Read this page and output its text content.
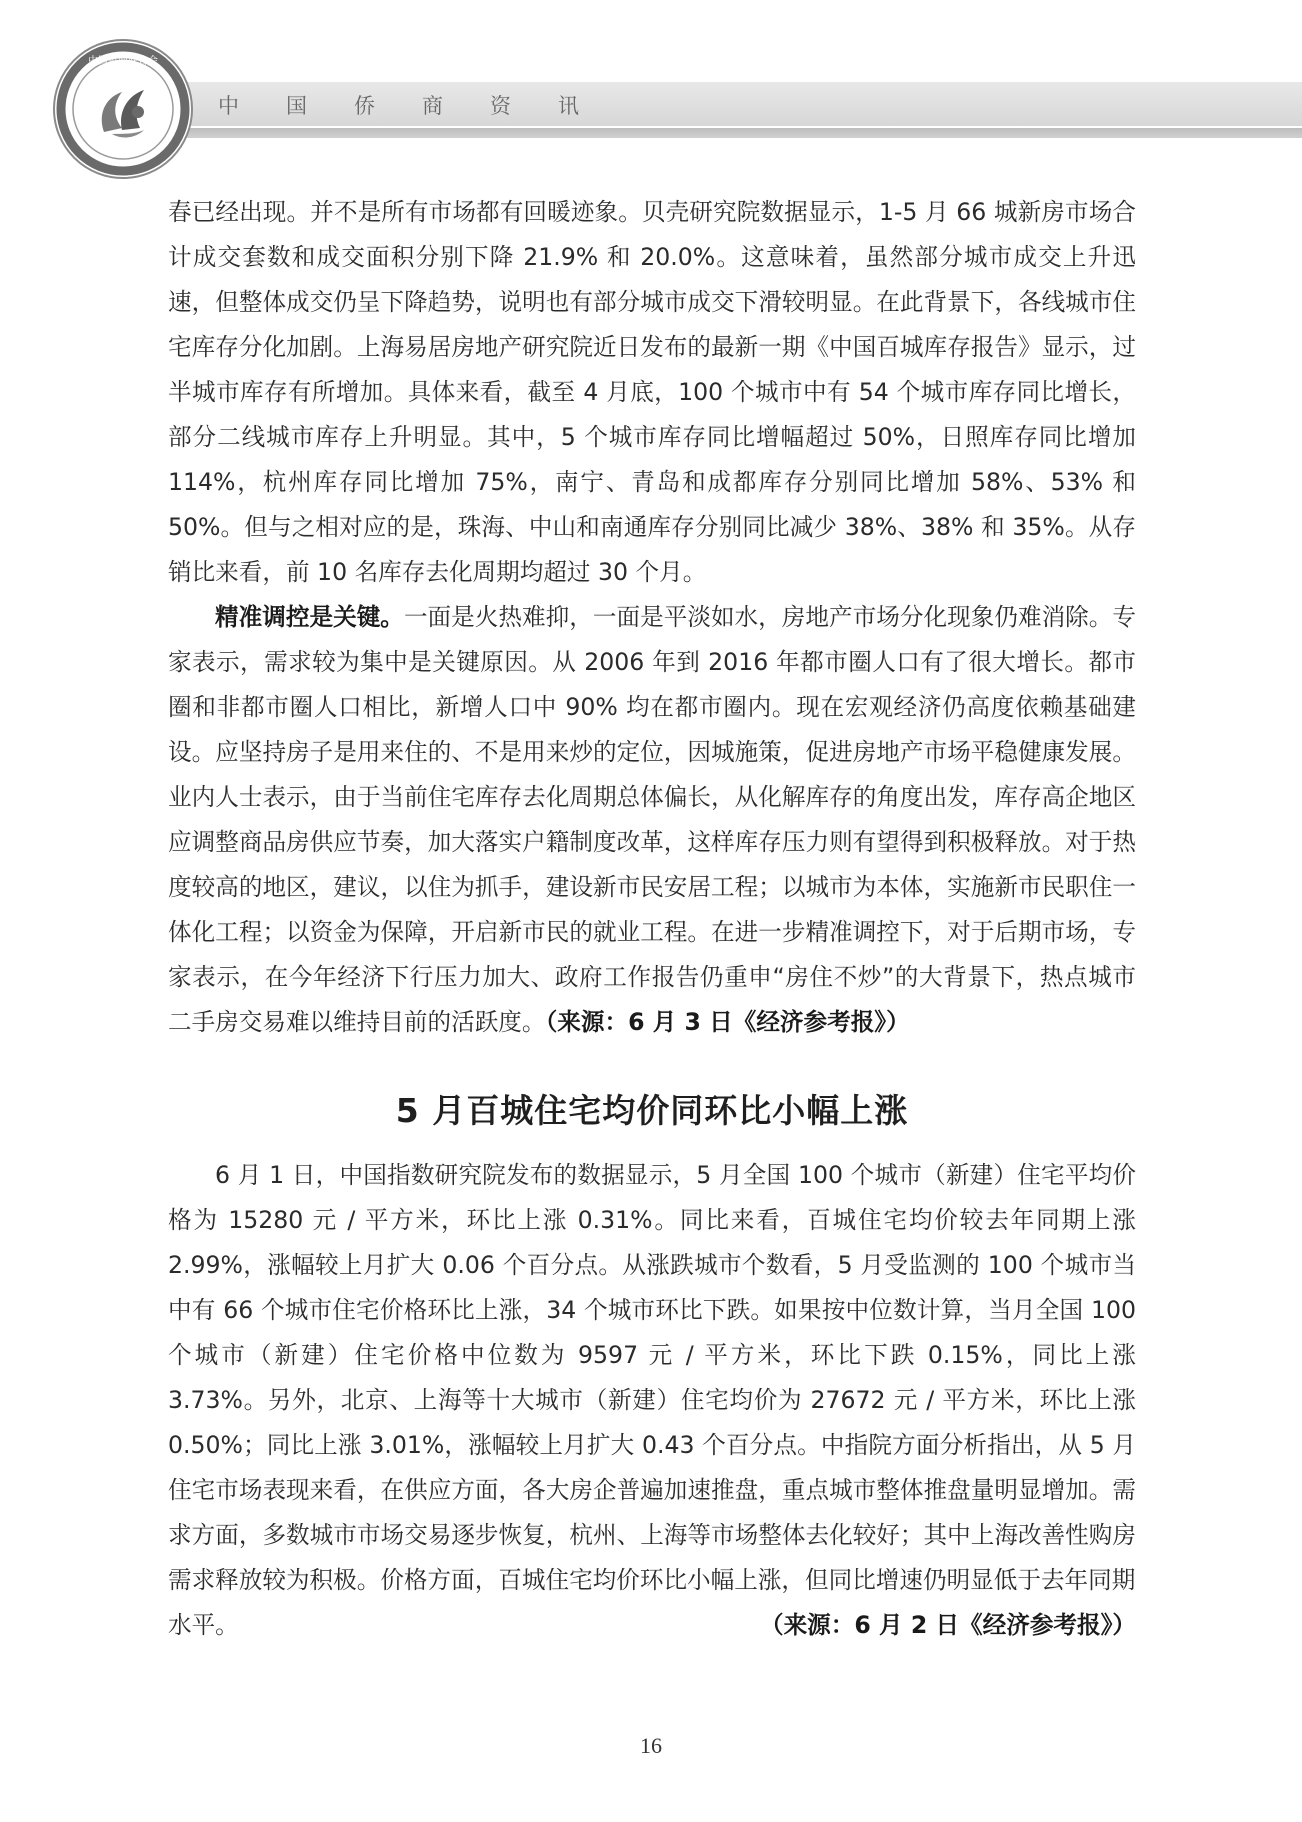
中 国 侨 商 资 讯
中国侨商联合会

春已经出现。并不是所有市场都有回暖迹象。贝壳研究院数据显示，1-5 月 66 城新房市场合计成交套数和成交面积分别下降 21.9% 和 20.0%。这意味着，虽然部分城市成交上升迅速，但整体成交仍呈下降趋势，说明也有部分城市成交下滑较明显。在此背景下，各线城市住宅库存分化加剧。上海易居房地产研究院近日发布的最新一期《中国百城库存报告》显示，过半城市库存有所增加。具体来看，截至 4 月底，100 个城市中有 54 个城市库存同比增长，部分二线城市库存上升明显。其中，5 个城市库存同比增幅超过 50%，日照库存同比增加 114%，杭州库存同比增加 75%，南宁、青岛和成都库存分别同比增加 58%、53% 和 50%。但与之相对应的是，珠海、中山和南通库存分别同比减少 38%、38% 和 35%。从存销比来看，前 10 名库存去化周期均超过 30 个月。

精准调控是关键。一面是火热难抑，一面是平淡如水，房地产市场分化现象仍难消除。专家表示，需求较为集中是关键原因。从 2006 年到 2016 年都市圈人口有了很大增长。都市圈和非都市圈人口相比，新增人口中 90% 均在都市圈内。现在宏观经济仍高度依赖基础建设。应坚持房子是用来住的、不是用来炒的定位，因城施策，促进房地产市场平稳健康发展。业内人士表示，由于当前住宅库存去化周期总体偏长，从化解库存的角度出发，库存高企地区应调整商品房供应节奏，加大落实户籍制度改革，这样库存压力则有望得到积极释放。对于热度较高的地区，建议，以住为抓手，建设新市民安居工程；以城市为本体，实施新市民职住一体化工程；以资金为保障，开启新市民的就业工程。在进一步精准调控下，对于后期市场，专家表示，在今年经济下行压力加大、政府工作报告仍重申“房住不炒”的大背景下，热点城市二手房交易难以维持目前的活跃度。（来源：6 月 3 日《经济参考报》）

5 月百城住宅均价同环比小幅上涨

6 月 1 日，中国指数研究院发布的数据显示，5 月全国 100 个城市（新建）住宅平均价格为 15280 元 / 平方米，环比上涨 0.31%。同比来看，百城住宅均价较去年同期上涨 2.99%，涨幅较上月扩大 0.06 个百分点。从涨跌城市个数看，5 月受监测的 100 个城市当中有 66 个城市住宅价格环比上涨，34 个城市环比下跌。如果按中位数计算，当月全国 100 个城市（新建）住宅价格中位数为 9597 元 / 平方米，环比下跌 0.15%，同比上涨 3.73%。另外，北京、上海等十大城市（新建）住宅均价为 27672 元 / 平方米，环比上涨 0.50%；同比上涨 3.01%，涨幅较上月扩大 0.43 个百分点。中指院方面分析指出，从 5 月住宅市场表现来看，在供应方面，各大房企普遍加速推盘，重点城市整体推盘量明显增加。需求方面，多数城市市场交易逐步恢复，杭州、上海等市场整体去化较好；其中上海改善性购房需求释放较为积极。价格方面，百城住宅均价环比小幅上涨，但同比增速仍明显低于去年同期

水平。	（来源：6 月 2 日《经济参考报》）
16
